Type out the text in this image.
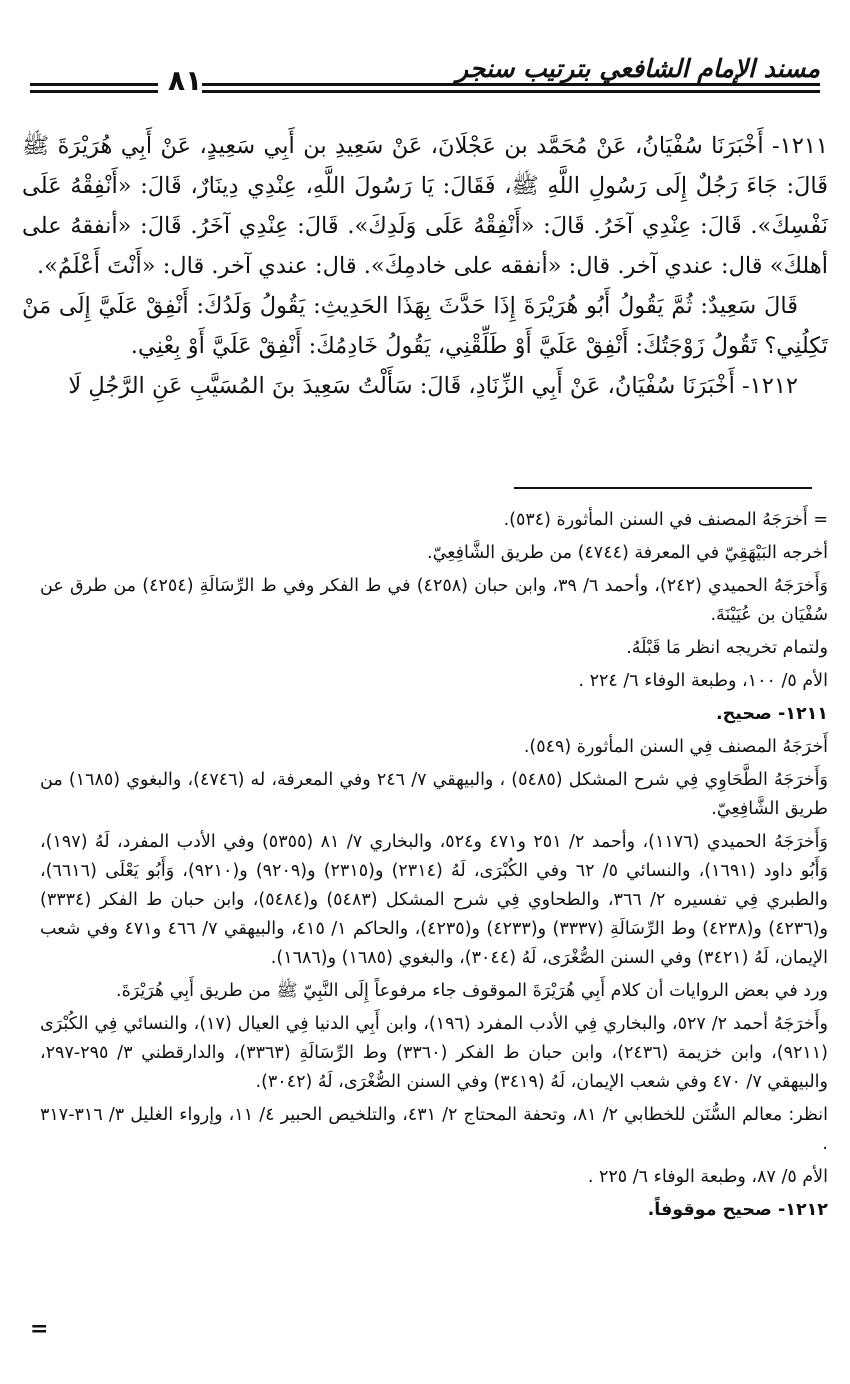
مسند الإمام الشافعي بترتيب سنجر
٨١

١٢١١- أَخْبَرَنَا سُفْيَانُ، عَنْ مُحَمَّد بن عَجْلَانَ، عَنْ سَعِيدِ بن أَبِي سَعِيدٍ، عَنْ أَبِي هُرَيْرَةَ ﷺ قَالَ: جَاءَ رَجُلٌ إِلَى رَسُولِ اللَّهِ ﷺ، فَقَالَ: يَا رَسُولَ اللَّهِ، عِنْدِي دِينَارٌ، قَالَ: «أَنْفِقْهُ عَلَى نَفْسِكَ». قَالَ: عِنْدِي آخَرُ. قَالَ: «أَنْفِقْهُ عَلَى وَلَدِكَ». قَالَ: عِنْدِي آخَرُ. قَالَ: «أنفقهُ على أهلكَ» قال: عندي آخر. قال: «أنفقه على خادمِكَ». قال: عندي آخر. قال: «أَنْتَ أَعْلَمُ».

قَالَ سَعِيدٌ: ثُمَّ يَقُولُ أَبُو هُرَيْرَةَ إِذَا حَدَّثَ بِهَذَا الحَدِيثِ: يَقُولُ وَلَدُكَ: أَنْفِقْ عَلَيَّ إِلَى مَنْ تَكِلُنِي؟ تَقُولُ زَوْجَتُكَ: أَنْفِقْ عَلَيَّ أَوْ طَلِّقْنِي، يَقُولُ خَادِمُكَ: أَنْفِقْ عَلَيَّ أَوْ بِعْنِي.

١٢١٢- أَخْبَرَنَا سُفْيَانُ، عَنْ أَبِي الزِّنَادِ، قَالَ: سَأَلْتُ سَعِيدَ بنَ المُسَيَّبِ عَنِ الرَّجُلِ لَا

= أَخرَجَهُ المصنف في السنن المأثورة (٥٣٤).

أخرجه البَيْهَقِيّ في المعرفة (٤٧٤٤) من طريق الشَّافِعِيّ.

وَأَخرَجَهُ الحميدي (٢٤٢)، وأحمد ٦/ ٣٩، وابن حبان (٤٢٥٨) في ط الفكر وفي ط الرِّسَالَةِ (٤٢٥٤) من طرق عن سُفْيَان بن عُيَيْنَةَ.

ولتمام تخريجه انظر مَا قَبْلَهُ.

الأم ٥/ ١٠٠، وطبعة الوفاء ٦/ ٢٢٤ .

١٢١١- صحيح.

أَخرَجَهُ المصنف فِي السنن المأثورة (٥٤٩).

وَأَخرَجَهُ الطَّحَاوِي فِي شرح المشكل (٥٤٨٥) ، والبيهقي ٧/ ٢٤٦ وفي المعرفة، له (٤٧٤٦)، والبغوي (١٦٨٥) من طريق الشَّافِعِيّ.

وَأَخرَجَهُ الحميدي (١١٧٦)، وأحمد ٢/ ٢٥١ و٤٧١ و٥٢٤، والبخاري ٧/ ٨١ (٥٣٥٥) وفي الأدب المفرد، لَهُ (١٩٧)، وَأَبُو داود (١٦٩١)، والنسائي ٥/ ٦٢ وفي الكُبْرَى، لَهُ (٢٣١٤) و(٢٣١٥) و(٩٢٠٩) و(٩٢١٠)، وَأَبُو يَعْلَى (٦٦١٦)، والطبري فِي تفسيره ٢/ ٣٦٦، والطحاوي فِي شرح المشكل (٥٤٨٣) و(٥٤٨٤)، وابن حبان ط الفكر (٣٣٣٤) و(٤٢٣٦) و(٤٢٣٨) وط الرِّسَالَةِ (٣٣٣٧) و(٤٢٣٣) و(٤٢٣٥)، والحاكم ١/ ٤١٥، والبيهقي ٧/ ٤٦٦ و٤٧١ وفي شعب الإيمان، لَهُ (٣٤٢١) وفي السنن الصُّغْرَى، لَهُ (٣٠٤٤)، والبغوي (١٦٨٥) و(١٦٨٦).

ورد في بعض الروايات أن كلام أَبِي هُرَيْرَةَ الموقوف جاء مرفوعاً إِلَى النَّبِيّ ﷺ من طريق أَبِي هُرَيْرَةَ.

وأَخرَجَهُ أحمد ٢/ ٥٢٧، والبخاري فِي الأدب المفرد (١٩٦)، وابن أَبِي الدنيا فِي العيال (١٧)، والنسائي فِي الكُبْرَى (٩٢١١)، وابن خزيمة (٢٤٣٦)، وابن حبان ط الفكر (٣٣٦٠) وط الرِّسَالَةِ (٣٣٦٣)، والدارقطني ٣/ ٢٩٥-٢٩٧، والبيهقي ٧/ ٤٧٠ وفي شعب الإيمان، لَهُ (٣٤١٩) وفي السنن الصُّغْرَى، لَهُ (٣٠٤٢).

انظر: معالم السُّنَن للخطابي ٢/ ٨١، وتحفة المحتاج ٢/ ٤٣١، والتلخيص الحبير ٤/ ١١، وإرواء الغليل ٣/ ٣١٦-٣١٧ .

الأم ٥/ ٨٧، وطبعة الوفاء ٦/ ٢٢٥ .

١٢١٢- صحيح موقوفاً.

=
